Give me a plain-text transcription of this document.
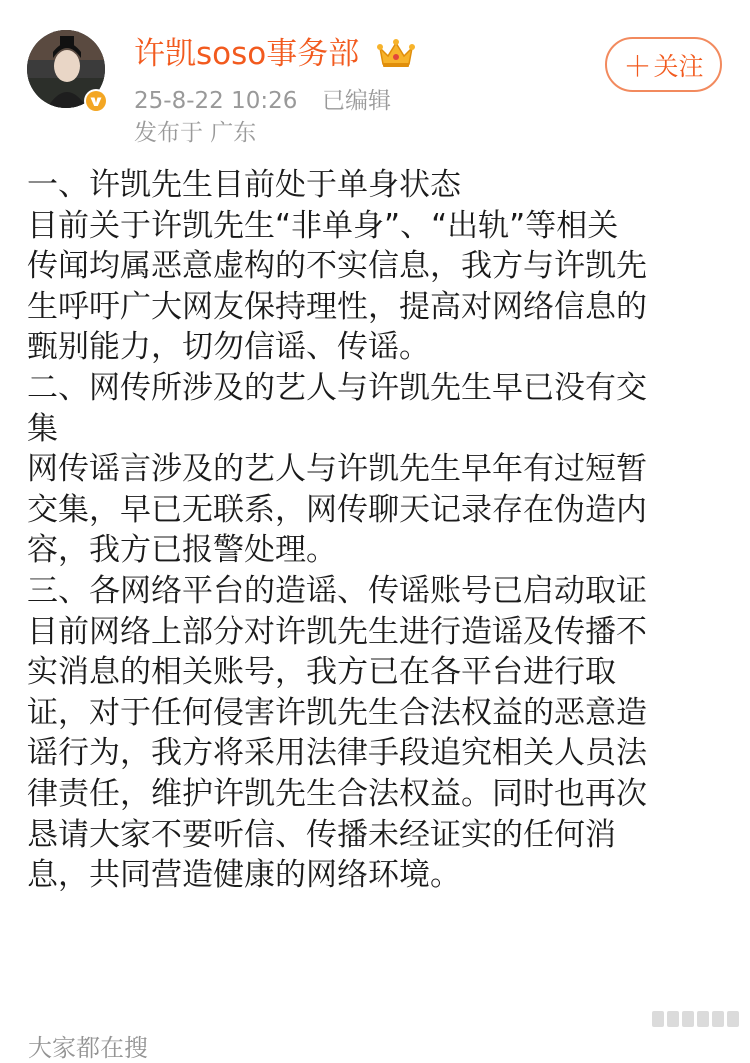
许凯soso事务部
25-8-22 10:26 已编辑
发布于 广东
＋ 关注

一、许凯先生目前处于单身状态

目前关于许凯先生“非单身”、“出轨”等相关

传闻均属恶意虚构的不实信息，我方与许凯先

生呼吁广大网友保持理性，提高对网络信息的

甄别能力，切勿信谣、传谣。

二、网传所涉及的艺人与许凯先生早已没有交

集

网传谣言涉及的艺人与许凯先生早年有过短暂

交集，早已无联系，网传聊天记录存在伪造内

容，我方已报警处理。

三、各网络平台的造谣、传谣账号已启动取证

目前网络上部分对许凯先生进行造谣及传播不

实消息的相关账号，我方已在各平台进行取

证，对于任何侵害许凯先生合法权益的恶意造

谣行为，我方将采用法律手段追究相关人员法

律责任，维护许凯先生合法权益。同时也再次

恳请大家不要听信、传播未经证实的任何消

息，共同营造健康的网络环境。

大家都在搜
